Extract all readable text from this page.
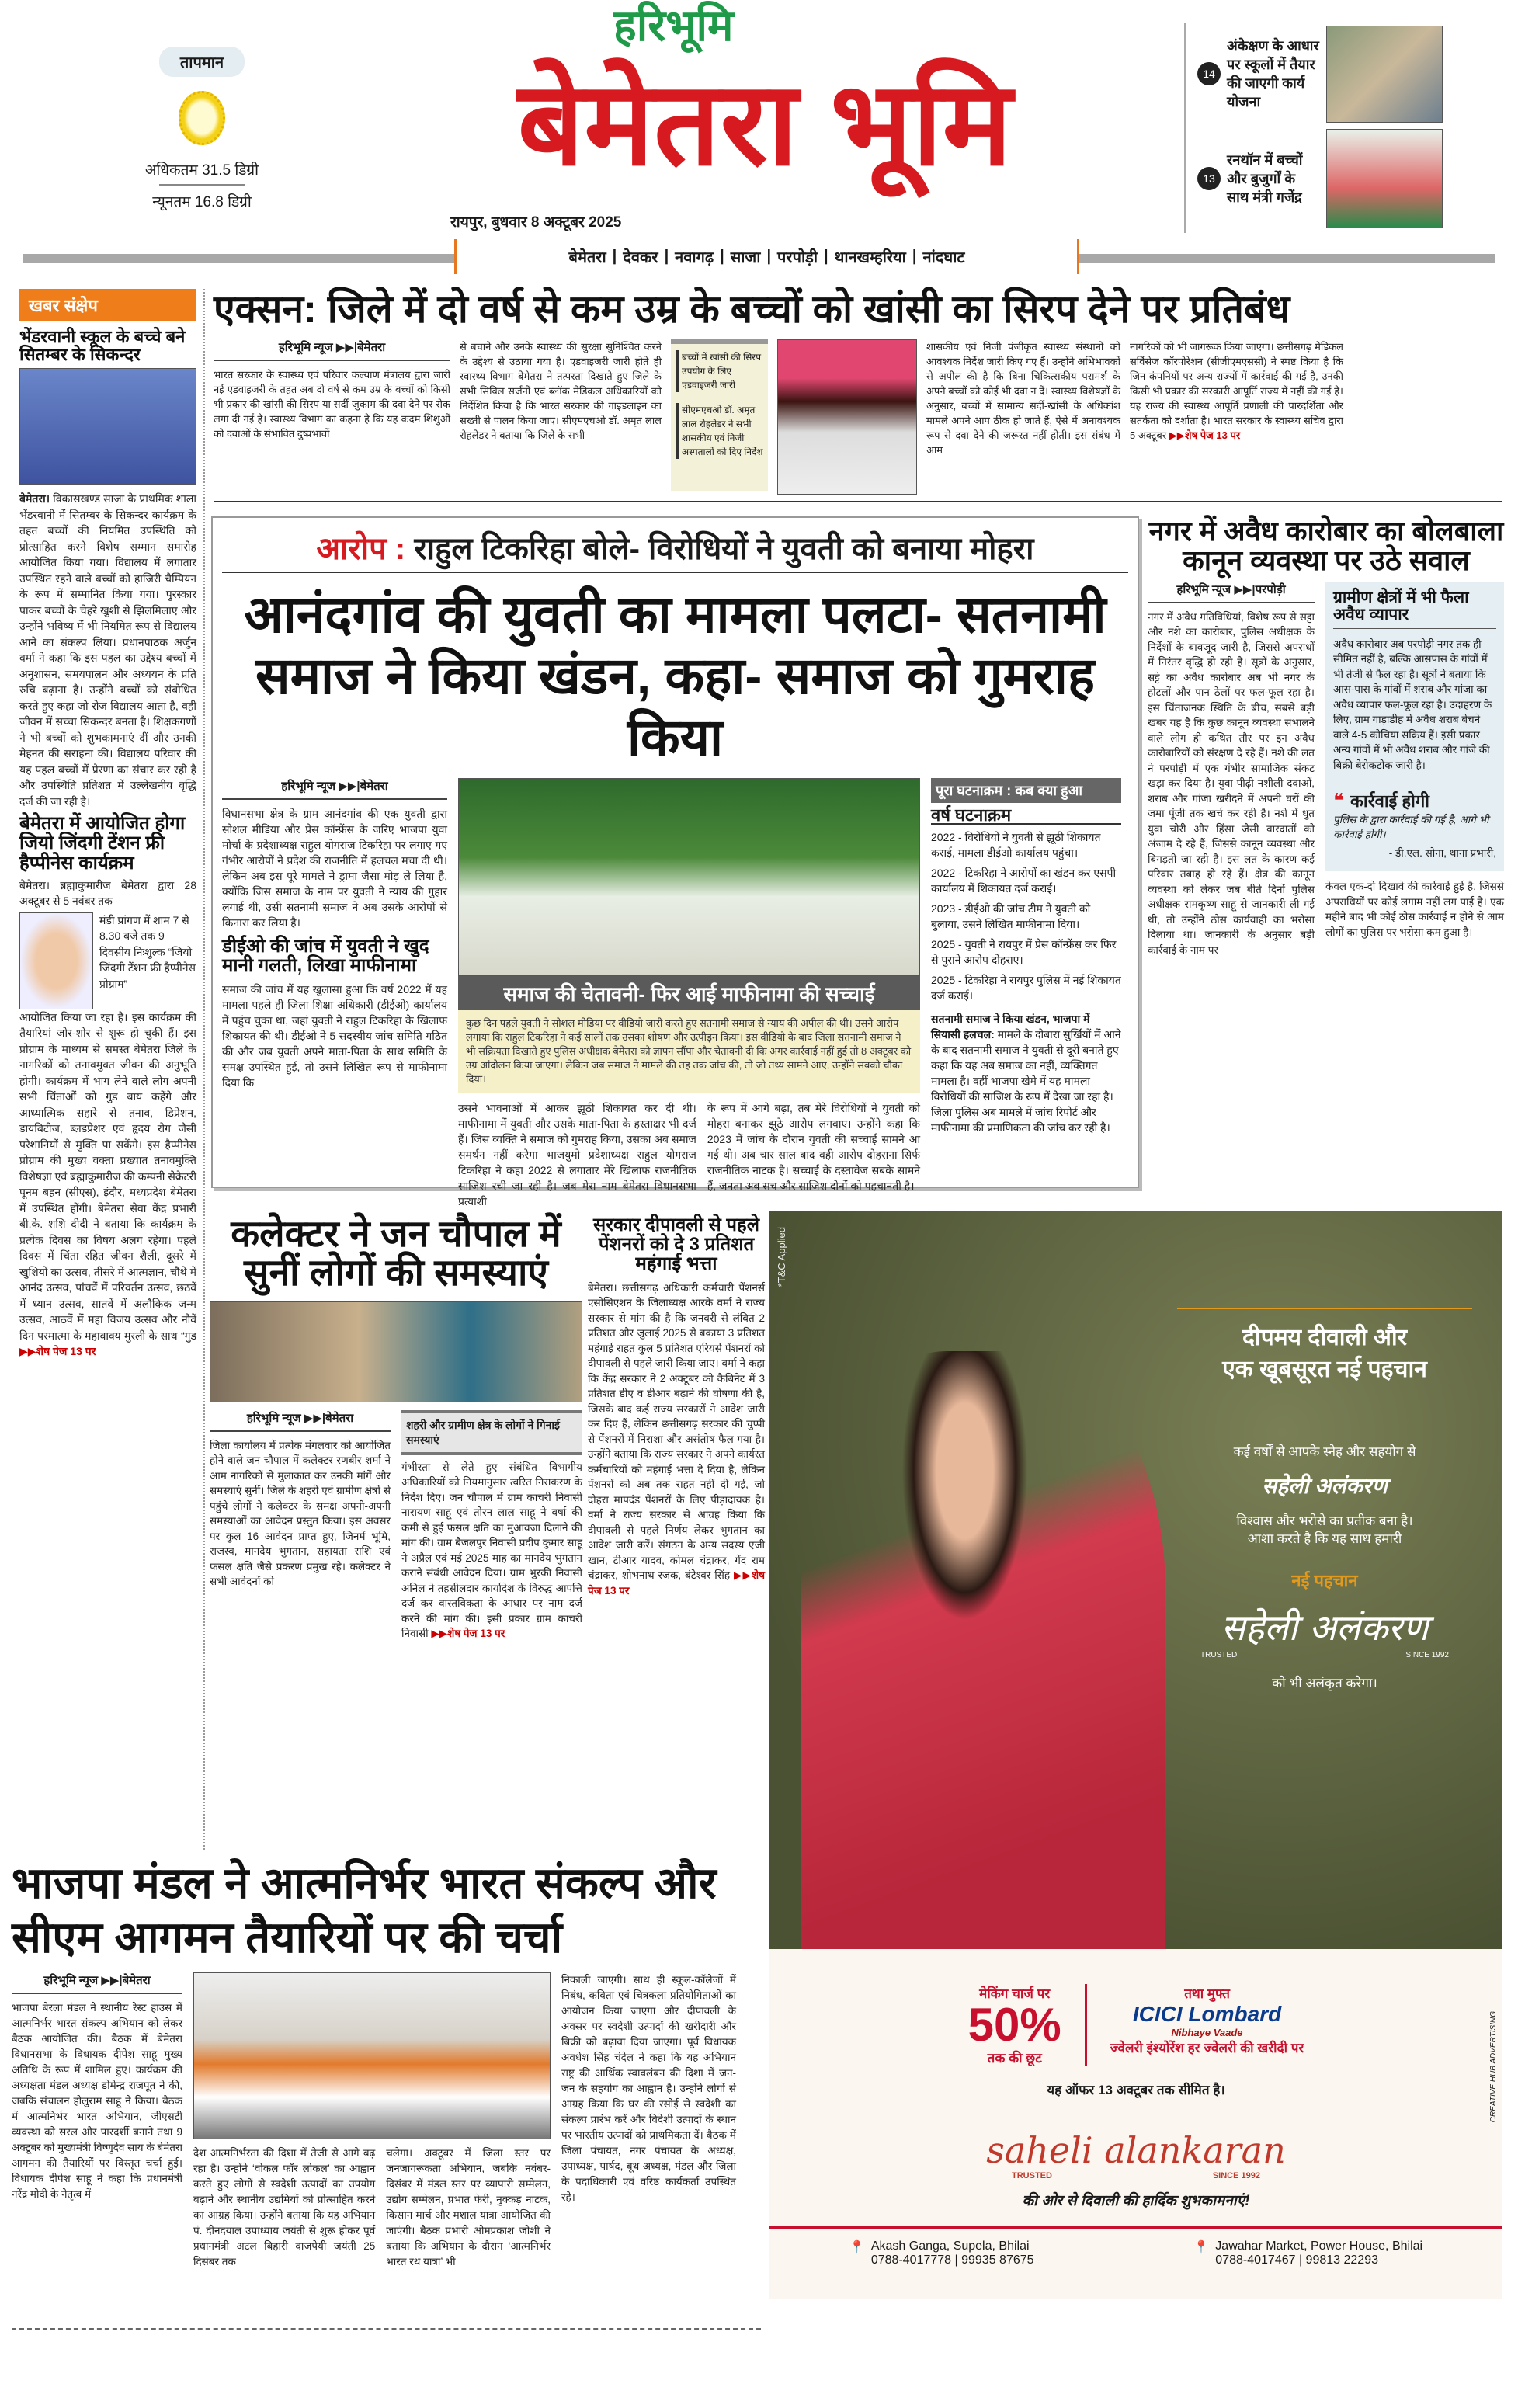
तापमान
अधिकतम 31.5 डिग्री
न्यूनतम 16.8 डिग्री
हरिभूमि
बेमेतरा भूमि
रायपुर, बुधवार 8 अक्टूबर 2025
बेमेतरा | देवकर | नवागढ़ | साजा | परपोड़ी | थानखम्हरिया | नांदघाट
14
अंकेक्षण के आधार पर स्कूलों में तैयार की जाएगी कार्य योजना
13
रनथॉन में बच्चों और बुजुर्गों के साथ मंत्री गजेंद्र
खबर संक्षेप
भेंडरवानी स्कूल के बच्चे बने सितम्बर के सिकन्दर

बेमेतरा। विकासखण्ड साजा के प्राथमिक शाला भेंडरवानी में सितम्बर के सिकन्दर कार्यक्रम के तहत बच्चों की नियमित उपस्थिति को प्रोत्साहित करने विशेष सम्मान समारोह आयोजित किया गया। विद्यालय में लगातार उपस्थित रहने वाले बच्चों को हाजिरी चैम्पियन के रूप में सम्मानित किया गया। पुरस्कार पाकर बच्चों के चेहरे खुशी से झिलमिलाए और उन्होंने भविष्य में भी नियमित रूप से विद्यालय आने का संकल्प लिया। प्रधानपाठक अर्जुन वर्मा ने कहा कि इस पहल का उद्देश्य बच्चों में अनुशासन, समयपालन और अध्ययन के प्रति रुचि बढ़ाना है। उन्होंने बच्चों को संबोधित करते हुए कहा जो रोज विद्यालय आता है, वही जीवन में सच्चा सिकन्दर बनता है। शिक्षकगणों ने भी बच्चों को शुभकामनाएं दीं और उनकी मेहनत की सराहना की। विद्यालय परिवार की यह पहल बच्चों में प्रेरणा का संचार कर रही है और उपस्थिति प्रतिशत में उल्लेखनीय वृद्धि दर्ज की जा रही है।

बेमेतरा में आयोजित होगा जियो जिंदगी टेंशन फ्री हैप्पीनेस कार्यक्रम

बेमेतरा। ब्रह्माकुमारीज बेमेतरा द्वारा 28 अक्टूबर से 5 नवंबर तक

मंडी प्रांगण में शाम 7 से 8.30 बजे तक 9 दिवसीय निःशुल्क “जियो जिंदगी टेंशन फ्री हैप्पीनेस प्रोग्राम”

आयोजित किया जा रहा है। इस कार्यक्रम की तैयारियां जोर-शोर से शुरू हो चुकी हैं। इस प्रोग्राम के माध्यम से समस्त बेमेतरा जिले के नागरिकों को तनावमुक्त जीवन की अनुभूति होगी। कार्यक्रम में भाग लेने वाले लोग अपनी सभी चिंताओं को गुड बाय कहेंगे और आध्यात्मिक सहारे से तनाव, डिप्रेशन, डायबिटीज, ब्लडप्रेशर एवं हृदय रोग जैसी परेशानियों से मुक्ति पा सकेंगे। इस हैप्पीनेस प्रोग्राम की मुख्य वक्ता प्रख्यात तनावमुक्ति विशेषज्ञा एवं ब्रह्माकुमारीज की कम्पनी सेक्रेटरी पूनम बहन (सीएस), इंदौर, मध्यप्रदेश बेमेतरा में उपस्थित होंगी। बेमेतरा सेवा केंद्र प्रभारी बी.के. शशि दीदी ने बताया कि कार्यक्रम के प्रत्येक दिवस का विषय अलग रहेगा। पहले दिवस में चिंता रहित जीवन शैली, दूसरे में खुशियों का उत्सव, तीसरे में आत्मज्ञान, चौथे में आनंद उत्सव, पांचवें में परिवर्तन उत्सव, छठवें में ध्यान उत्सव, सातवें में अलौकिक जन्म उत्सव, आठवें में महा विजय उत्सव और नौवें दिन परमात्मा के महावाक्य मुरली के साथ “गुड ▶▶शेष पेज 13 पर

एक्सन: जिले में दो वर्ष से कम उम्र के बच्चों को खांसी का सिरप देने पर प्रतिबंध
हरिभूमि न्यूज ▶▶|बेमेतरा

भारत सरकार के स्वास्थ्य एवं परिवार कल्याण मंत्रालय द्वारा जारी नई एडवाइजरी के तहत अब दो वर्ष से कम उम्र के बच्चों को किसी भी प्रकार की खांसी की सिरप या सर्दी-जुकाम की दवा देने पर रोक लगा दी गई है। स्वास्थ्य विभाग का कहना है कि यह कदम शिशुओं को दवाओं के संभावित दुष्प्रभावों

से बचाने और उनके स्वास्थ्य की सुरक्षा सुनिश्चित करने के उद्देश्य से उठाया गया है। एडवाइजरी जारी होते ही स्वास्थ्य विभाग बेमेतरा ने तत्परता दिखाते हुए जिले के सभी सिविल सर्जनों एवं ब्लॉक मेडिकल अधिकारियों को निर्देशित किया है कि भारत सरकार की गाइडलाइन का सख्ती से पालन किया जाए। सीएमएचओ डॉ. अमृत लाल रोहलेडर ने बताया कि जिले के सभी

बच्चों में खांसी की सिरप उपयोग के लिए एडवाइजरी जारी

सीएमएचओ डॉ. अमृत लाल रोहलेडर ने सभी शासकीय एवं निजी अस्पतालों को दिए निर्देश

शासकीय एवं निजी पंजीकृत स्वास्थ्य संस्थानों को आवश्यक निर्देश जारी किए गए हैं। उन्होंने अभिभावकों से अपील की है कि बिना चिकित्सकीय परामर्श के अपने बच्चों को कोई भी दवा न दें। स्वास्थ्य विशेषज्ञों के अनुसार, बच्चों में सामान्य सर्दी-खांसी के अधिकांश मामले अपने आप ठीक हो जाते हैं, ऐसे में अनावश्यक रूप से दवा देने की जरूरत नहीं होती। इस संबंध में आम

नागरिकों को भी जागरूक किया जाएगा। छत्तीसगढ़ मेडिकल सर्विसेज कॉरपोरेशन (सीजीएमएससी) ने स्पष्ट किया है कि जिन कंपनियों पर अन्य राज्यों में कार्रवाई की गई है, उनकी किसी भी प्रकार की सरकारी आपूर्ति राज्य में नहीं की गई है। यह राज्य की स्वास्थ्य आपूर्ति प्रणाली की पारदर्शिता और सतर्कता को दर्शाता है। भारत सरकार के स्वास्थ्य सचिव द्वारा 5 अक्टूबर ▶▶शेष पेज 13 पर

आरोप : राहुल टिकरिहा बोले- विरोधियों ने युवती को बनाया मोहरा
आनंदगांव की युवती का मामला पलटा- सतनामी समाज ने किया खंडन, कहा- समाज को गुमराह किया
हरिभूमि न्यूज ▶▶|बेमेतरा

विधानसभा क्षेत्र के ग्राम आनंदगांव की एक युवती द्वारा सोशल मीडिया और प्रेस कॉन्फ्रेंस के जरिए भाजपा युवा मोर्चा के प्रदेशाध्यक्ष राहुल योगराज टिकरिहा पर लगाए गए गंभीर आरोपों ने प्रदेश की राजनीति में हलचल मचा दी थी। लेकिन अब इस पूरे मामले ने ड्रामा जैसा मोड़ ले लिया है, क्योंकि जिस समाज के नाम पर युवती ने न्याय की गुहार लगाई थी, उसी सतनामी समाज ने अब उसके आरोपों से किनारा कर लिया है।

डीईओ की जांच में युवती ने खुद मानी गलती, लिखा माफीनामा

समाज की जांच में यह खुलासा हुआ कि वर्ष 2022 में यह मामला पहले ही जिला शिक्षा अधिकारी (डीईओ) कार्यालय में पहुंच चुका था, जहां युवती ने राहुल टिकरिहा के खिलाफ शिकायत की थी। डीईओ ने 5 सदस्यीय जांच समिति गठित की और जब युवती अपने माता-पिता के साथ समिति के समक्ष उपस्थित हुई, तो उसने लिखित रूप से माफीनामा दिया कि

समाज की चेतावनी- फिर आई माफीनामा की सच्चाई

कुछ दिन पहले युवती ने सोशल मीडिया पर वीडियो जारी करते हुए सतनामी समाज से न्याय की अपील की थी। उसने आरोप लगाया कि राहुल टिकरिहा ने कई सालों तक उसका शोषण और उत्पीड़न किया। इस वीडियो के बाद जिला सतनामी समाज ने भी सक्रियता दिखाते हुए पुलिस अधीक्षक बेमेतरा को ज्ञापन सौंपा और चेतावनी दी कि अगर कार्रवाई नहीं हुई तो 8 अक्टूबर को उग्र आंदोलन किया जाएगा। लेकिन जब समाज ने मामले की तह तक जांच की, तो जो तथ्य सामने आए, उन्होंने सबको चौका दिया।

उसने भावनाओं में आकर झूठी शिकायत कर दी थी। माफीनामा में युवती और उसके माता-पिता के हस्ताक्षर भी दर्ज हैं। जिस व्यक्ति ने समाज को गुमराह किया, उसका अब समाज समर्थन नहीं करेगा भाजयुमो प्रदेशाध्यक्ष राहुल योगराज टिकरिहा ने कहा 2022 से लगातार मेरे खिलाफ राजनीतिक साजिश रची जा रही है। जब मेरा नाम बेमेतरा विधानसभा प्रत्याशी

के रूप में आगे बढ़ा, तब मेरे विरोधियों ने युवती को मोहरा बनाकर झूठे आरोप लगवाए। उन्होंने कहा कि 2023 में जांच के दौरान युवती की सच्चाई सामने आ गई थी। अब चार साल बाद वही आरोप दोहराना सिर्फ राजनीतिक नाटक है। सच्चाई के दस्तावेज सबके सामने हैं, जनता अब सच और साजिश दोनों को पहचानती है।

पूरा घटनाक्रम : कब क्या हुआ
वर्ष घटनाक्रम

2022 - विरोधियों ने युवती से झूठी शिकायत कराई, मामला डीईओ कार्यालय पहुंचा।

2022 - टिकरिहा ने आरोपों का खंडन कर एसपी कार्यालय में शिकायत दर्ज कराई।

2023 - डीईओ की जांच टीम ने युवती को बुलाया, उसने लिखित माफीनामा दिया।

2025 - युवती ने रायपुर में प्रेस कॉन्फ्रेंस कर फिर से पुराने आरोप दोहराए।

2025 - टिकरिहा ने रायपुर पुलिस में नई शिकायत दर्ज कराई।

सतनामी समाज ने किया खंडन, भाजपा में सियासी हलचल: मामले के दोबारा सुर्खियों में आने के बाद सतनामी समाज ने युवती से दूरी बनाते हुए कहा कि यह अब समाज का नहीं, व्यक्तिगत मामला है। वहीं भाजपा खेमे में यह मामला विरोधियों की साजिश के रूप में देखा जा रहा है। जिला पुलिस अब मामले में जांच रिपोर्ट और माफीनामा की प्रमाणिकता की जांच कर रही है।

नगर में अवैध कारोबार का बोलबाला कानून व्यवस्था पर उठे सवाल
हरिभूमि न्यूज ▶▶|परपोड़ी

नगर में अवैध गतिविधियां, विशेष रूप से सट्टा और नशे का कारोबार, पुलिस अधीक्षक के निर्देशों के बावजूद जारी है, जिससे अपराधों में निरंतर वृद्धि हो रही है। सूत्रों के अनुसार, सट्टे का अवैध कारोबार अब भी नगर के होटलों और पान ठेलों पर फल-फूल रहा है। इस चिंताजनक स्थिति के बीच, सबसे बड़ी खबर यह है कि कुछ कानून व्यवस्था संभालने वाले लोग ही कथित तौर पर इन अवैध कारोबारियों को संरक्षण दे रहे हैं। नशे की लत ने परपोड़ी में एक गंभीर सामाजिक संकट खड़ा कर दिया है। युवा पीढ़ी नशीली दवाओं, शराब और गांजा खरीदने में अपनी घरों की जमा पूंजी तक खर्च कर रही है। नशे में धुत युवा चोरी और हिंसा जैसी वारदातों को अंजाम दे रहे हैं, जिससे कानून व्यवस्था और बिगड़ती जा रही है। इस लत के कारण कई परिवार तबाह हो रहे हैं। क्षेत्र की कानून व्यवस्था को लेकर जब बीते दिनों पुलिस अधीक्षक रामकृष्ण साहू से जानकारी ली गई थी, तो उन्होंने ठोस कार्यवाही का भरोसा दिलाया था। जानकारी के अनुसार बड़ी कार्रवाई के नाम पर

ग्रामीण क्षेत्रों में भी फैला अवैध व्यापार

अवैध कारोबार अब परपोड़ी नगर तक ही सीमित नहीं है, बल्कि आसपास के गांवों में भी तेजी से फैल रहा है। सूत्रों ने बताया कि आस-पास के गांवों में शराब और गांजा का अवैध व्यापार फल-फूल रहा है। उदाहरण के लिए, ग्राम गाड़ाडीह में अवैध शराब बेचने वाले 4-5 कोचिया सक्रिय हैं। इसी प्रकार अन्य गांवों में भी अवैध शराब और गांजे की बिक्री बेरोकटोक जारी है।

❝ कार्रवाई होगी

पुलिस के द्वारा कार्रवाई की गई है, आगे भी कार्रवाई होगी।

- डी.एल. सोना, थाना प्रभारी,

केवल एक-दो दिखावे की कार्रवाई हुई है, जिससे अपराधियों पर कोई लगाम नहीं लग पाई है। एक महीने बाद भी कोई ठोस कार्रवाई न होने से आम लोगों का पुलिस पर भरोसा कम हुआ है।

कलेक्टर ने जन चौपाल में सुनीं लोगों की समस्याएं
हरिभूमि न्यूज ▶▶|बेमेतरा

जिला कार्यालय में प्रत्येक मंगलवार को आयोजित होने वाले जन चौपाल में कलेक्टर रणबीर शर्मा ने आम नागरिकों से मुलाकात कर उनकी मांगें और समस्याएं सुनीं। जिले के शहरी एवं ग्रामीण क्षेत्रों से पहुंचे लोगों ने कलेक्टर के समक्ष अपनी-अपनी समस्याओं का आवेदन प्रस्तुत किया। इस अवसर पर कुल 16 आवेदन प्राप्त हुए, जिनमें भूमि, राजस्व, मानदेय भुगतान, सहायता राशि एवं फसल क्षति जैसे प्रकरण प्रमुख रहे। कलेक्टर ने सभी आवेदनों को

शहरी और ग्रामीण क्षेत्र के लोगों ने गिनाई समस्याएं

गंभीरता से लेते हुए संबंधित विभागीय अधिकारियों को नियमानुसार त्वरित निराकरण के निर्देश दिए। जन चौपाल में ग्राम काचरी निवासी नारायण साहू एवं तोरन लाल साहू ने वर्षा की कमी से हुई फसल क्षति का मुआवजा दिलाने की मांग की। ग्राम बैजलपुर निवासी प्रदीप कुमार साहू ने अप्रैल एवं मई 2025 माह का मानदेय भुगतान कराने संबंधी आवेदन दिया। ग्राम भुरकी निवासी अनिल ने तहसीलदार कार्यादेश के विरुद्ध आपत्ति दर्ज कर वास्तविकता के आधार पर नाम दर्ज करने की मांग की। इसी प्रकार ग्राम काचरी निवासी ▶▶शेष पेज 13 पर

सरकार दीपावली से पहले पेंशनरों को दे 3 प्रतिशत महंगाई भत्ता

बेमेतरा। छत्तीसगढ़ अधिकारी कर्मचारी पेंशनर्स एसोसिएशन के जिलाध्यक्ष आरके वर्मा ने राज्य सरकार से मांग की है कि जनवरी से लंबित 2 प्रतिशत और जुलाई 2025 से बकाया 3 प्रतिशत महंगाई राहत कुल 5 प्रतिशत एरियर्स पेंशनरों को दीपावली से पहले जारी किया जाए। वर्मा ने कहा कि केंद्र सरकार ने 2 अक्टूबर को कैबिनेट में 3 प्रतिशत डीए व डीआर बढ़ाने की घोषणा की है, जिसके बाद कई राज्य सरकारों ने आदेश जारी कर दिए हैं, लेकिन छत्तीसगढ़ सरकार की चुप्पी से पेंशनरों में निराशा और असंतोष फैल गया है। उन्होंने बताया कि राज्य सरकार ने अपने कार्यरत कर्मचारियों को महंगाई भत्ता दे दिया है, लेकिन पेंशनरों को अब तक राहत नहीं दी गई, जो दोहरा मापदंड पेंशनरों के लिए पीड़ादायक है। वर्मा ने राज्य सरकार से आग्रह किया कि दीपावली से पहले निर्णय लेकर भुगतान का आदेश जारी करें। संगठन के अन्य सदस्य एजी खान, टीआर यादव, कोमल चंद्राकर, गेंद राम चंद्राकर, शोभनाथ रजक, बंटेश्वर सिंह ▶▶शेष पेज 13 पर

भाजपा मंडल ने आत्मनिर्भर भारत संकल्प और सीएम आगमन तैयारियों पर की चर्चा
हरिभूमि न्यूज ▶▶|बेमेतरा

भाजपा बेरला मंडल ने स्थानीय रेस्ट हाउस में आत्मनिर्भर भारत संकल्प अभियान को लेकर बैठक आयोजित की। बैठक में बेमेतरा विधानसभा के विधायक दीपेश साहू मुख्य अतिथि के रूप में शामिल हुए। कार्यक्रम की अध्यक्षता मंडल अध्यक्ष डोमेन्द्र राजपूत ने की, जबकि संचालन होलुराम साहू ने किया। बैठक में आत्मनिर्भर भारत अभियान, जीएसटी व्यवस्था को सरल और पारदर्शी बनाने तथा 9 अक्टूबर को मुख्यमंत्री विष्णुदेव साय के बेमेतरा आगमन की तैयारियों पर विस्तृत चर्चा हुई। विधायक दीपेश साहू ने कहा कि प्रधानमंत्री नरेंद्र मोदी के नेतृत्व में

देश आत्मनिर्भरता की दिशा में तेजी से आगे बढ़ रहा है। उन्होंने ‘वोकल फॉर लोकल’ का आह्वान करते हुए लोगों से स्वदेशी उत्पादों का उपयोग बढ़ाने और स्थानीय उद्यमियों को प्रोत्साहित करने का आग्रह किया। उन्होंने बताया कि यह अभियान पं. दीनदयाल उपाध्याय जयंती से शुरू होकर पूर्व प्रधानमंत्री अटल बिहारी वाजपेयी जयंती 25 दिसंबर तक

चलेगा। अक्टूबर में जिला स्तर पर जनजागरूकता अभियान, जबकि नवंबर-दिसंबर में मंडल स्तर पर व्यापारी सम्मेलन, उद्योग सम्मेलन, प्रभात फेरी, नुक्कड़ नाटक, किसान मार्च और मशाल यात्रा आयोजित की जाएंगी। बैठक प्रभारी ओमप्रकाश जोशी ने बताया कि अभियान के दौरान ‘आत्मनिर्भर भारत रथ यात्रा’ भी

निकाली जाएगी। साथ ही स्कूल-कॉलेजों में निबंध, कविता एवं चित्रकला प्रतियोगिताओं का आयोजन किया जाएगा और दीपावली के अवसर पर स्वदेशी उत्पादों की खरीदारी और बिक्री को बढ़ावा दिया जाएगा। पूर्व विधायक अवधेश सिंह चंदेल ने कहा कि यह अभियान राष्ट्र की आर्थिक स्वावलंबन की दिशा में जन-जन के सहयोग का आह्वान है। उन्होंने लोगों से आग्रह किया कि घर की रसोई से स्वदेशी का संकल्प प्रारंभ करें और विदेशी उत्पादों के स्थान पर भारतीय उत्पादों को प्राथमिकता दें। बैठक में जिला पंचायत, नगर पंचायत के अध्यक्ष, उपाध्यक्ष, पार्षद, बूथ अध्यक्ष, मंडल और जिला के पदाधिकारी एवं वरिष्ठ कार्यकर्ता उपस्थित रहे।

*T&C Applied
दीपमय दीवाली और
एक खूबसूरत नई पहचान
कई वर्षों से आपके स्नेह और सहयोग से
सहेली अलंकरण
विश्वास और भरोसे का प्रतीक बना है।
आशा करते है कि यह साथ हमारी
नई पहचान
सहेली अलंकरण
TRUSTED	SINCE 1992
को भी अलंकृत करेगा।
मेकिंग चार्ज पर
50%
तक की छूट
तथा मुफ्त
ICICI Lombard
Nibhaye Vaade
ज्वेलरी इंश्योरेंश हर ज्वेलरी की खरीदी पर
यह ऑफर 13 अक्टूबर तक सीमित है।
saheli alankaran
TRUSTED	SINCE 1992
की ओर से दिवाली की हार्दिक शुभकामनाएं!
CREATIVE HUB ADVERTISING
📍 Akash Ganga, Supela, Bhilai
0788-4017778 | 99935 87675
📍 Jawahar Market, Power House, Bhilai
0788-4017467 | 99813 22293
